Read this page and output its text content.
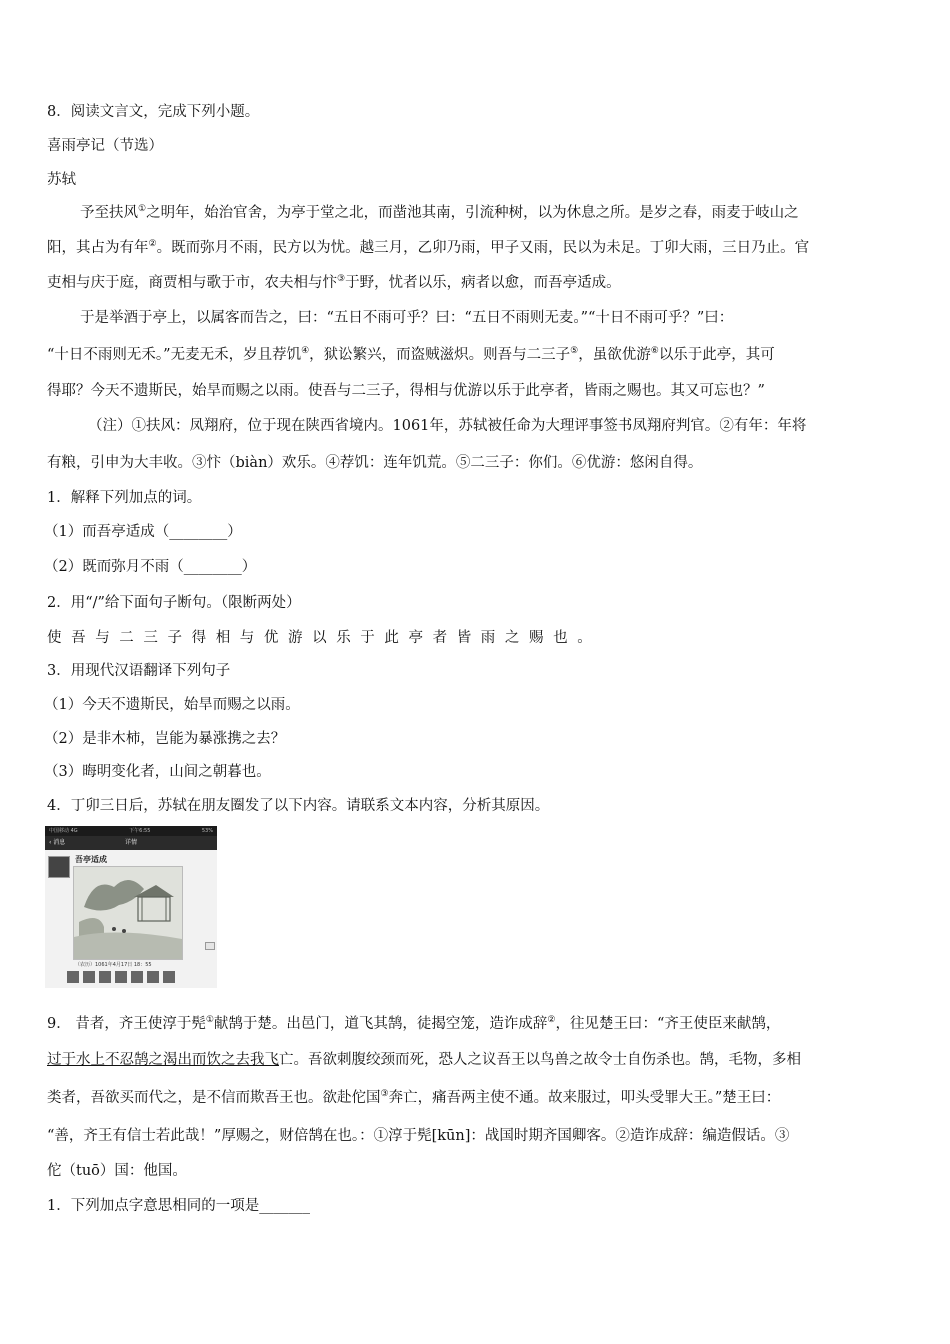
8．阅读文言文，完成下列小题。
喜雨亭记（节选）
苏轼
予至扶风①之明年，始治官舍，为亭于堂之北，而凿池其南，引流种树，以为休息之所。是岁之春，雨麦于岐山之
阳，其占为有年②。既而弥月不雨，民方以为忧。越三月，乙卯乃雨，甲子又雨，民以为未足。丁卯大雨，三日乃止。官
吏相与庆于庭，商贾相与歌于市，农夫相与忭③于野，忧者以乐，病者以愈，而吾亭适成。
于是举酒于亭上，以属客而告之，曰：“五日不雨可乎？曰：“五日不雨则无麦。”“十日不雨可乎？”曰：
“十日不雨则无禾。”无麦无禾，岁且荐饥④，狱讼繁兴，而盗贼滋炽。则吾与二三子⑤，虽欲优游⑥以乐于此亭，其可
得耶？今天不遗斯民，始旱而赐之以雨。使吾与二三子，得相与优游以乐于此亭者，皆雨之赐也。其又可忘也？”
（注）①扶风：凤翔府，位于现在陕西省境内。1061年，苏轼被任命为大理评事签书凤翔府判官。②有年：年将
有粮，引申为大丰收。③忭（biàn）欢乐。④荐饥：连年饥荒。⑤二三子：你们。⑥优游：悠闲自得。
1．解释下列加点的词。
（1）而吾亭适成（________）
（2）既而弥月不雨（________）
2．用“/”给下面句子断句。（限断两处）
使吾与二三子得相与优游以乐于此亭者皆雨之赐也。
3．用现代汉语翻译下列句子
（1）今天不遗斯民，始旱而赐之以雨。
（2）是非木柿，岂能为暴涨携之去？
（3）晦明变化者，山间之朝暮也。
4．丁卯三日后，苏轼在朋友圈发了以下内容。请联系文本内容，分析其原因。
中国移动 4G	下午6:55	53%
‹ 消息	详情
吾亭适成
（农历）1061年4月17日 18：55
9． 昔者，齐王使淳于髡①献鹄于楚。出邑门，道飞其鹄，徒揭空笼，造诈成辞②，往见楚王曰：“齐王使臣来献鹄，
过于水上不忍鹄之渴出而饮之去我飞亡。吾欲刺腹绞颈而死，恐人之议吾王以鸟兽之故令士自伤杀也。鹄，毛物，多相
类者，吾欲买而代之，是不信而欺吾王也。欲赴佗国③奔亡，痛吾两主使不通。故来服过，叩头受罪大王。”楚王曰：
“善，齐王有信士若此哉！”厚赐之，财倍鹄在也。：①淳于髡[kūn]：战国时期齐国卿客。②造诈成辞：编造假话。③
佗（tuō）国：他国。
1．下列加点字意思相同的一项是_______
